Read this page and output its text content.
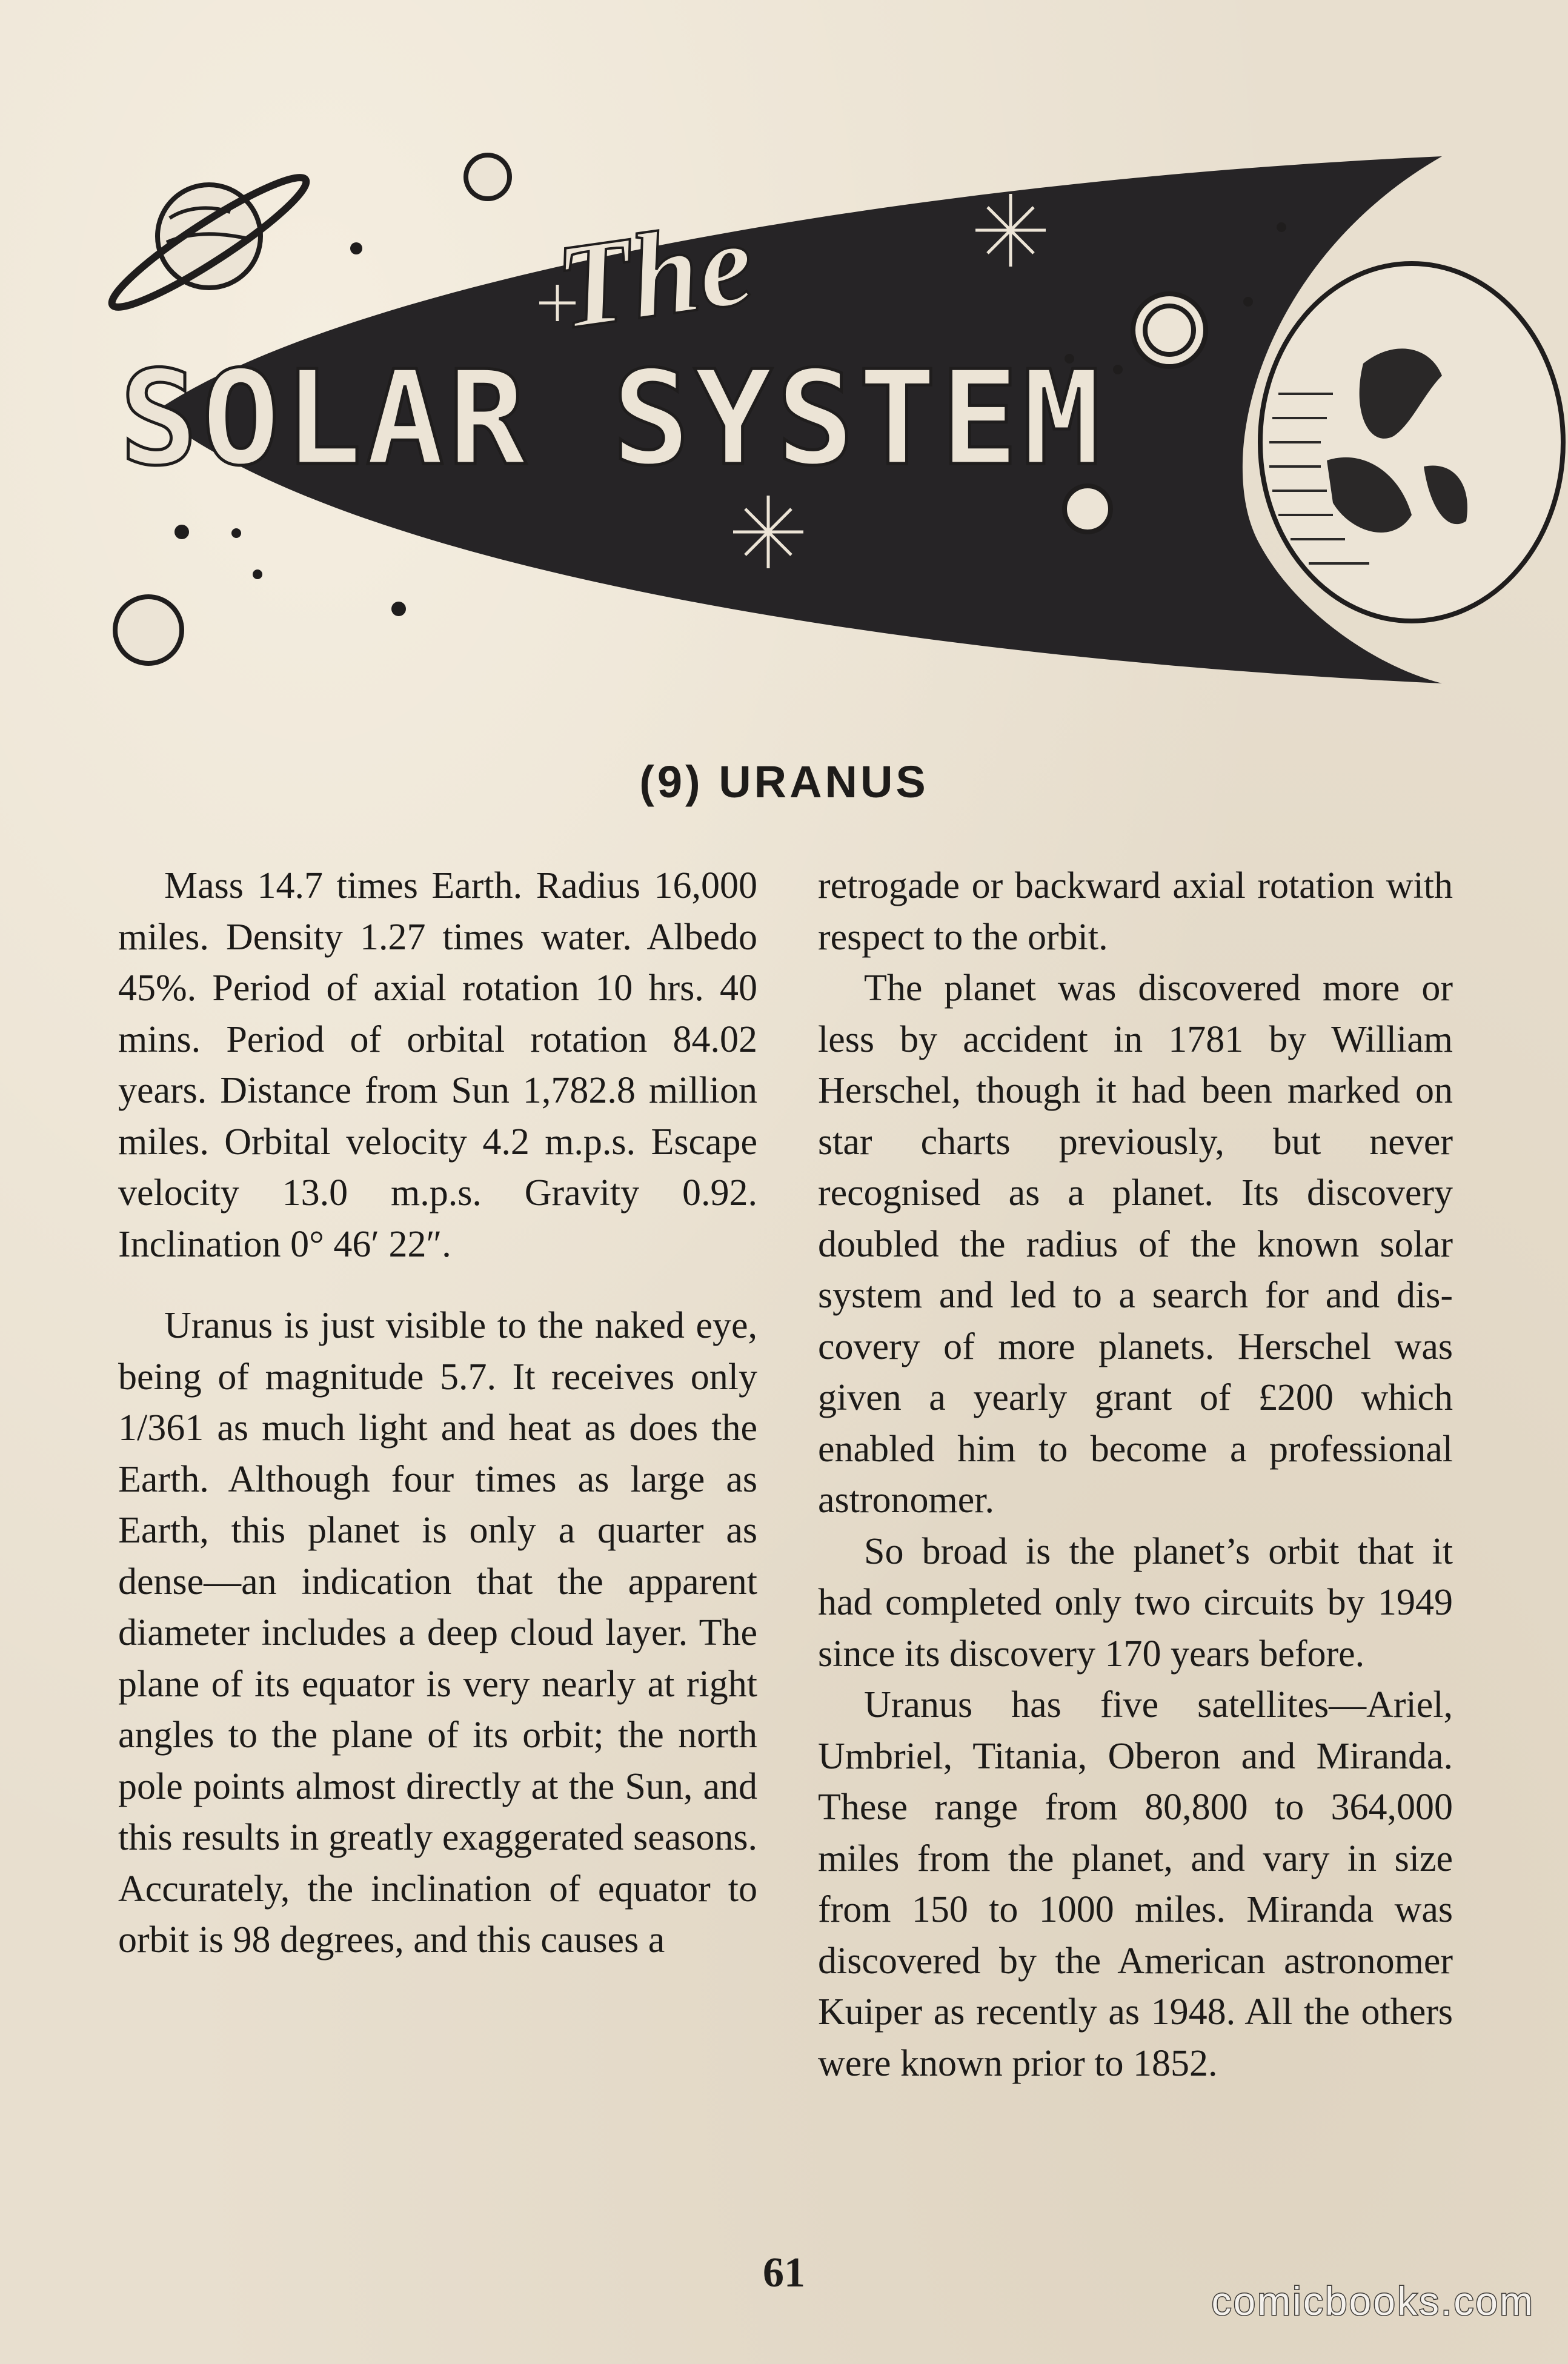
The
SOLAR SYSTEM
(9) URANUS

Mass 14.7 times Earth. Radius 16,000 miles. Density 1.27 times water. Albedo 45%. Period of axial rotation 10 hrs. 40 mins. Period of orbital rotation 84.02 years. Distance from Sun 1,782.8 million miles. Orbital velocity 4.2 m.p.s. Escape velocity 13.0 m.p.s. Gravity 0.92. Inclination 0° 46′ 22″.

Uranus is just visible to the naked eye, being of magnitude 5.7. It receives only 1/361 as much light and heat as does the Earth. Although four times as large as Earth, this planet is only a quarter as dense—an indication that the apparent diameter includes a deep cloud layer. The plane of its equator is very nearly at right angles to the plane of its orbit; the north pole points almost directly at the Sun, and this results in greatly exaggerated seasons. Accurately, the inclination of equator to orbit is 98 degrees, and this causes a

retrogade or backward axial rotation with respect to the orbit.

The planet was discovered more or less by accident in 1781 by William Herschel, though it had been marked on star charts previously, but never recognised as a planet. Its discovery doubled the radius of the known solar system and led to a search for and discovery of more planets. Herschel was given a yearly grant of £200 which enabled him to become a professional astronomer.

So broad is the planet’s orbit that it had completed only two circuits by 1949 since its discovery 170 years before.

Uranus has five satellites—Ariel, Umbriel, Titania, Oberon and Miranda. These range from 80,800 to 364,000 miles from the planet, and vary in size from 150 to 1000 miles. Miranda was discovered by the American astronomer Kuiper as recently as 1948. All the others were known prior to 1852.

61
comicbooks.com
